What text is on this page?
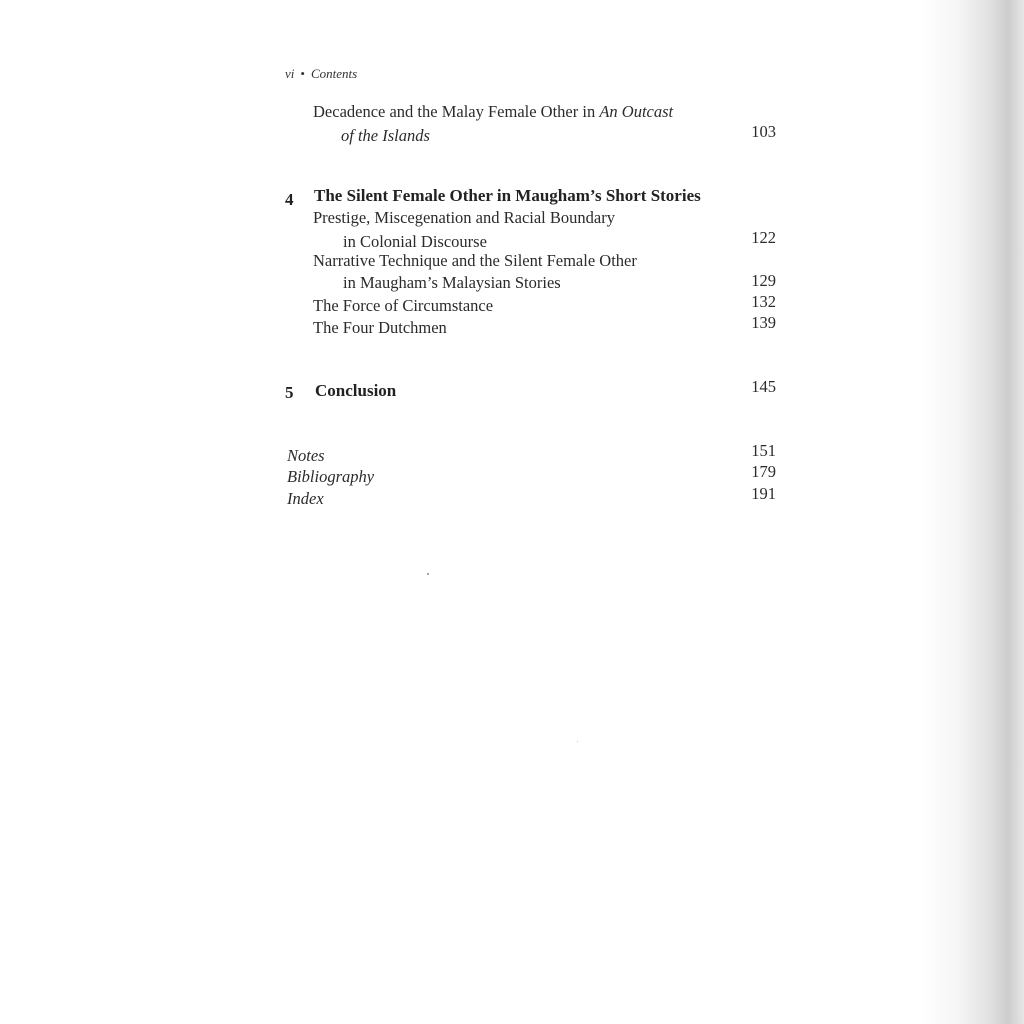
vi • Contents
Decadence and the Malay Female Other in An Outcast
of the Islands	103
4 The Silent Female Other in Maugham’s Short Stories
Prestige, Miscegenation and Racial Boundary
in Colonial Discourse	122
Narrative Technique and the Silent Female Other
in Maugham’s Malaysian Stories	129
The Force of Circumstance	132
The Four Dutchmen	139
5 Conclusion	145
Notes	151
Bibliography	179
Index	191
